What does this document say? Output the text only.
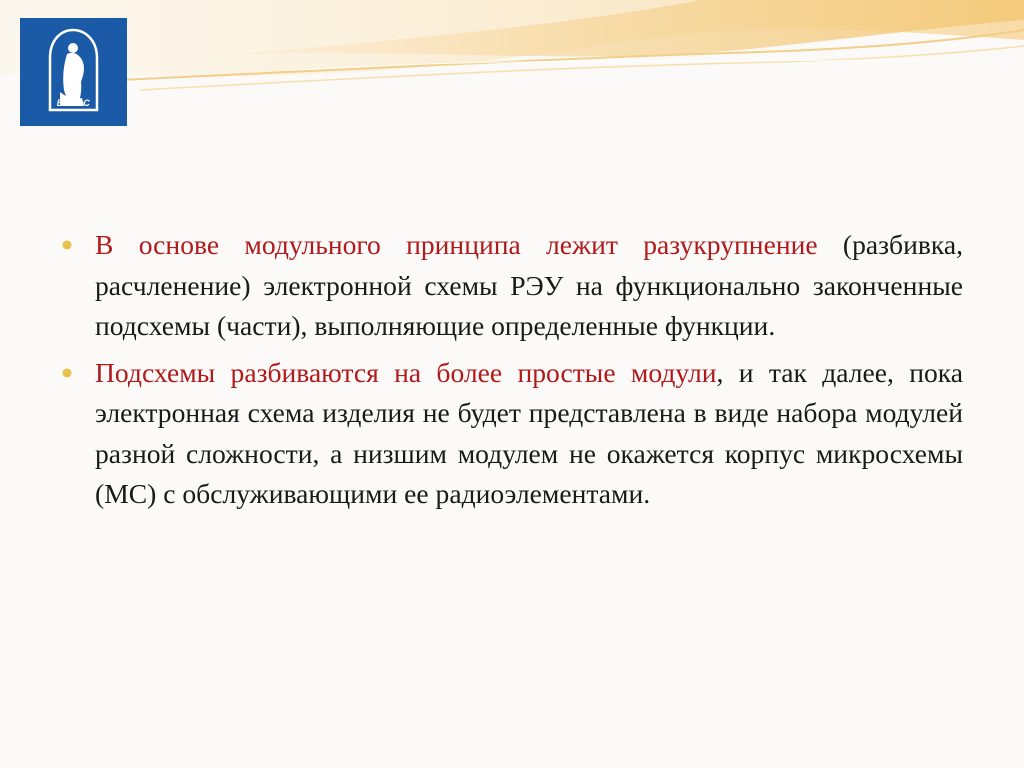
ВГУЭС

В основе модульного принципа лежит разукрупнение (разбивка, расчленение) электронной схемы РЭУ на функционально законченные подсхемы (части), выполняющие определенные функции.

Подсхемы разбиваются на более простые модули, и так далее, пока электронная схема изделия не будет представлена в виде набора модулей разной сложности, а низшим модулем не окажется корпус микросхемы (МС) с обслуживающими ее радиоэлементами.
